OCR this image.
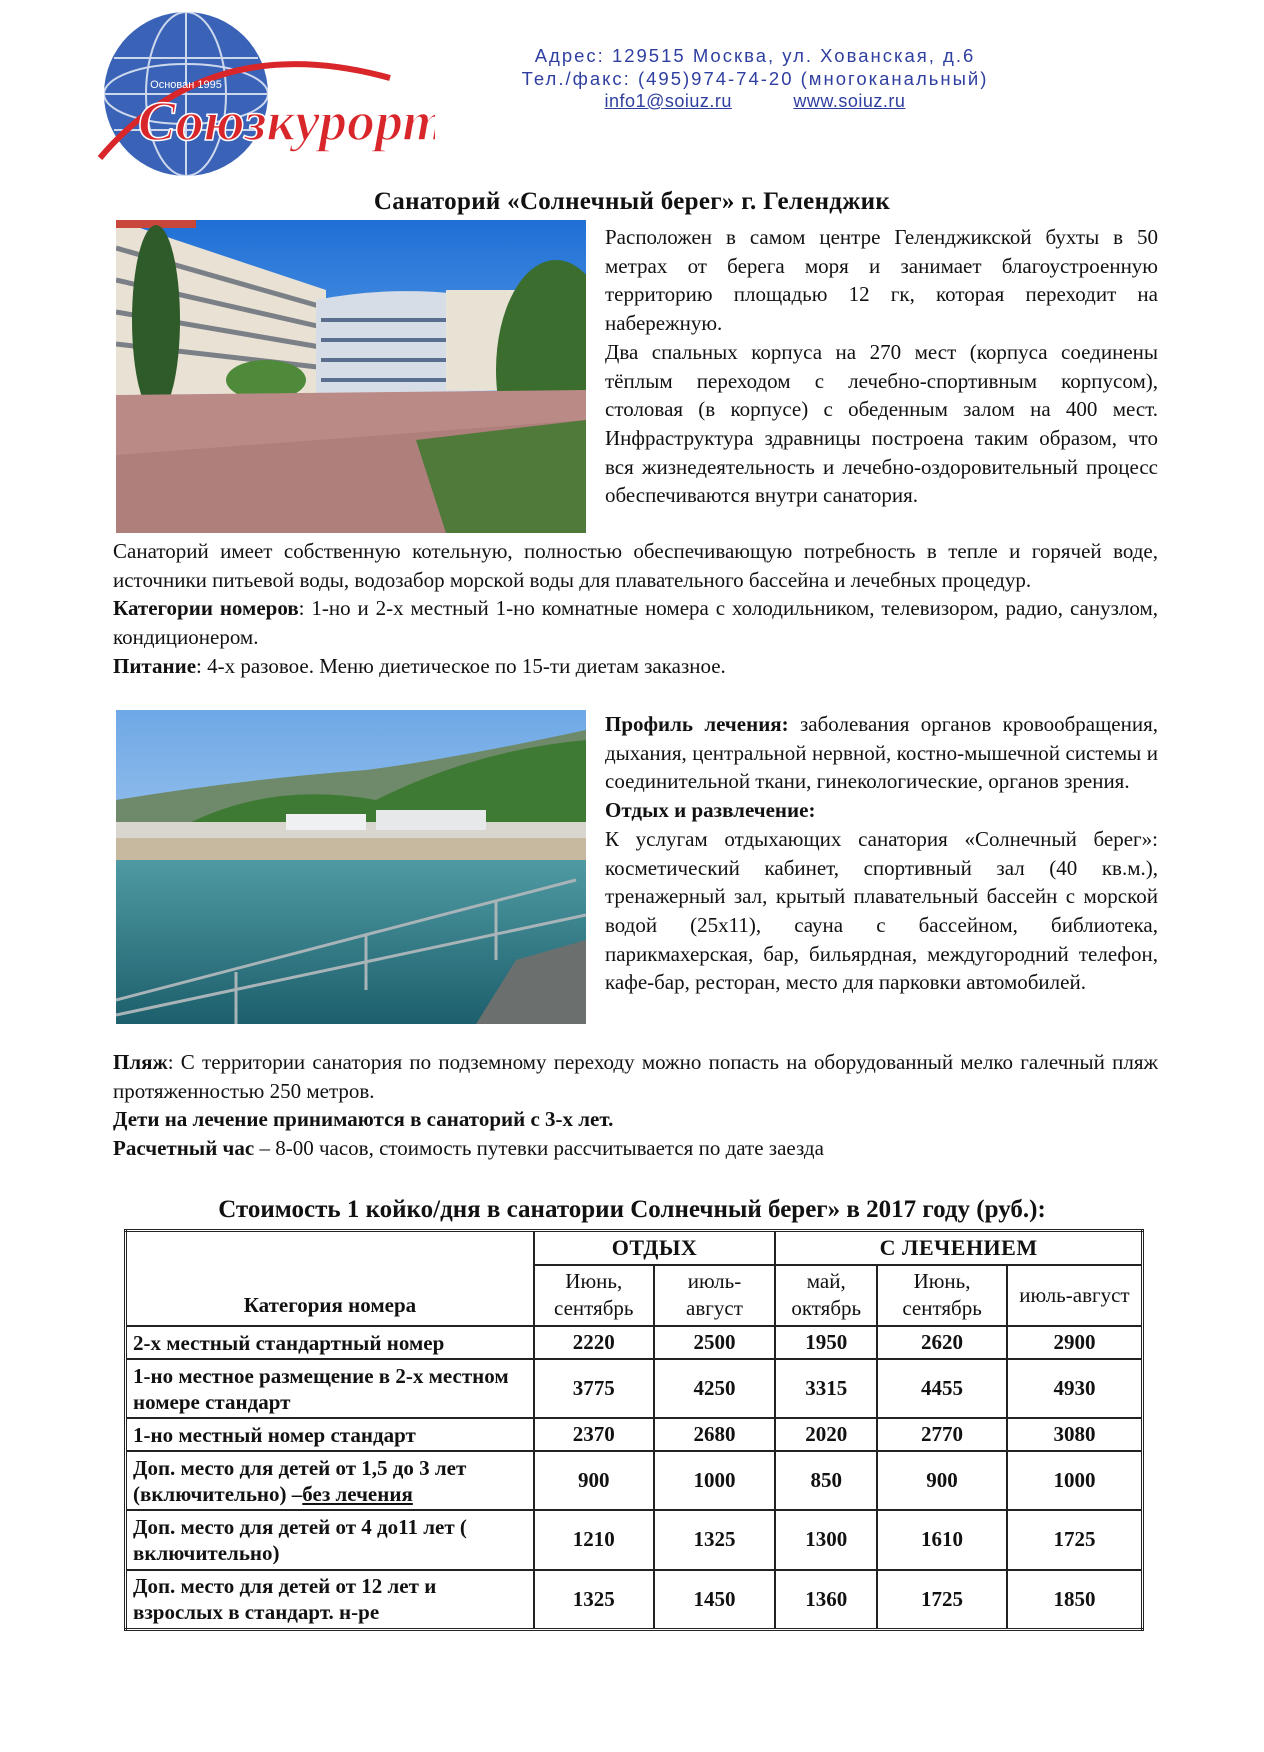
Основан 1995
Союзкурорт
Адрес: 129515 Москва, ул. Хованская, д.6
Тел./факс: (495)974-74-20 (многоканальный)
info1@soiuz.ru	www.soiuz.ru
Санаторий «Солнечный берег» г. Геленджик
Расположен в самом центре Геленджикской бухты в 50 метрах от берега моря и занимает благоустроенную территорию площадью 12 гк, которая переходит на набережную.
Два спальных корпуса на 270 мест (корпуса соединены тёплым переходом с лечебно-спортивным корпусом), столовая (в корпусе) с обеденным залом на 400 мест. Инфраструктура здравницы построена таким образом, что вся жизнедеятельность и лечебно-оздоровительный процесс обеспечиваются внутри санатория.
Санаторий имеет собственную котельную, полностью обеспечивающую потребность в тепле и горячей воде, источники питьевой воды, водозабор морской воды для плавательного бассейна и лечебных процедур.
Категории номеров: 1-но и 2-х местный 1-но комнатные номера с холодильником, телевизором, радио, санузлом, кондиционером.
Питание: 4-х разовое. Меню диетическое по 15-ти диетам заказное.
Профиль лечения: заболевания органов кровообращения, дыхания, центральной нервной, костно-мышечной системы и соединительной ткани, гинекологические, органов зрения.
Отдых и развлечение:
К услугам отдыхающих санатория «Солнечный берег»: косметический кабинет, спортивный зал (40 кв.м.), тренажерный зал, крытый плавательный бассейн с морской водой (25х11), сауна с бассейном, библиотека, парикмахерская, бар, бильярдная, междугородний телефон, кафе-бар, ресторан, место для парковки автомобилей.
Пляж: С территории санатория по подземному переходу можно попасть на оборудованный мелко галечный пляж протяженностью 250 метров.
Дети на лечение принимаются в санаторий с 3-х лет.
Расчетный час – 8-00 часов, стоимость путевки рассчитывается по дате заезда
Стоимость 1 койко/дня в санатории Солнечный берег» в 2017 году (руб.):
Категория номера	ОТДЫХ		С ЛЕЧЕНИЕМ		
	Июнь, сентябрь	июль-август	май, октябрь	Июнь, сентябрь	июль-август
2-х местный стандартный номер	2220	2500	1950	2620	2900
1-но местное размещение в 2-х местном номере стандарт	3775	4250	3315	4455	4930
1-но местный номер стандарт	2370	2680	2020	2770	3080
Доп. место для детей от 1,5 до 3 лет (включительно) –без лечения	900	1000	850	900	1000
Доп. место для детей от 4 до11 лет ( включительно)	1210	1325	1300	1610	1725
Доп. место для детей от 12 лет и взрослых в стандарт. н-ре	1325	1450	1360	1725	1850
